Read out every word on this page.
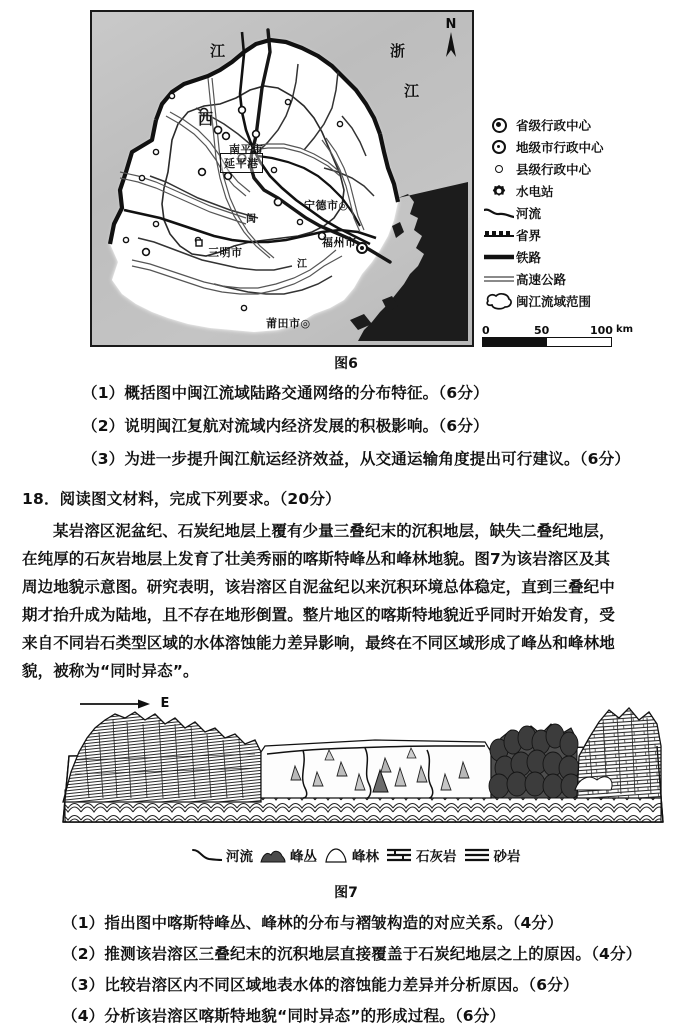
江
西
浙
江
南平市
宁德市◎
福州市
三明市
莆田市◎
闽
江
延平港
N
省级行政中心
地级市行政中心
县级行政中心
水电站
河流
省界
铁路
高速公路
闽江流域范围
0	50	100 km
图6
（1）概括图中闽江流域陆路交通网络的分布特征。（6分）
（2）说明闽江复航对流域内经济发展的积极影响。（6分）
（3）为进一步提升闽江航运经济效益，从交通运输角度提出可行建议。（6分）
18．阅读图文材料，完成下列要求。（20分）
某岩溶区泥盆纪、石炭纪地层上覆有少量三叠纪末的沉积地层，缺失二叠纪地层，
在纯厚的石灰岩地层上发育了壮美秀丽的喀斯特峰丛和峰林地貌。图7为该岩溶区及其
周边地貌示意图。研究表明，该岩溶区自泥盆纪以来沉积环境总体稳定，直到三叠纪中
期才抬升成为陆地，且不存在地形倒置。整片地区的喀斯特地貌近乎同时开始发育，受
来自不同岩石类型区域的水体溶蚀能力差异影响，最终在不同区域形成了峰丛和峰林地
貌，被称为“同时异态”。
E
河流	峰丛	峰林	石灰岩	砂岩
图7
（1）指出图中喀斯特峰丛、峰林的分布与褶皱构造的对应关系。（4分）
（2）推测该岩溶区三叠纪末的沉积地层直接覆盖于石炭纪地层之上的原因。（4分）
（3）比较岩溶区内不同区域地表水体的溶蚀能力差异并分析原因。（6分）
（4）分析该岩溶区喀斯特地貌“同时异态”的形成过程。（6分）
